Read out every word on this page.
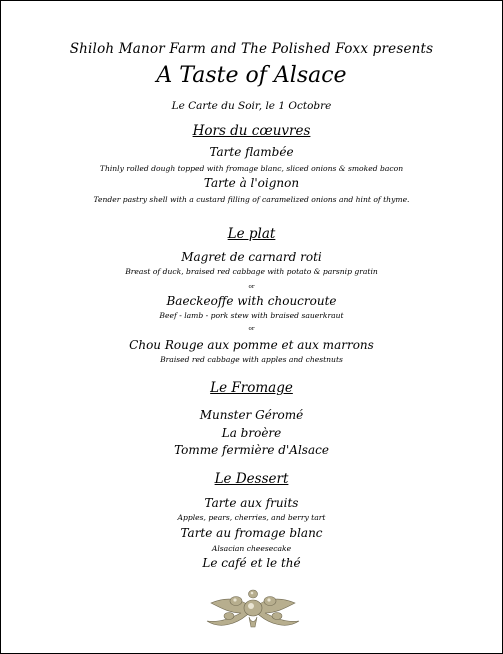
Shiloh Manor Farm and The Polished Foxx presents
A Taste of Alsace
Le Carte du Soir, le 1 Octobre
Hors du cœuvres
Tarte flambée
Thinly rolled dough topped with fromage blanc, sliced onions & smoked bacon
Tarte à l'oignon
Tender pastry shell with a custard filling of caramelized onions and hint of thyme.
Le plat
Magret de carnard roti
Breast of duck, braised red cabbage with potato & parsnip gratin
or
Baeckeoffe with choucroute
Beef - lamb - pork stew with braised sauerkraut
or
Chou Rouge aux pomme et aux marrons
Braised red cabbage with apples and chestnuts
Le Fromage
Munster Géromé
La broère
Tomme fermière d'Alsace
Le Dessert
Tarte aux fruits
Apples, pears, cherries, and berry tart
Tarte au fromage blanc
Alsacian cheesecake
Le café et le thé
